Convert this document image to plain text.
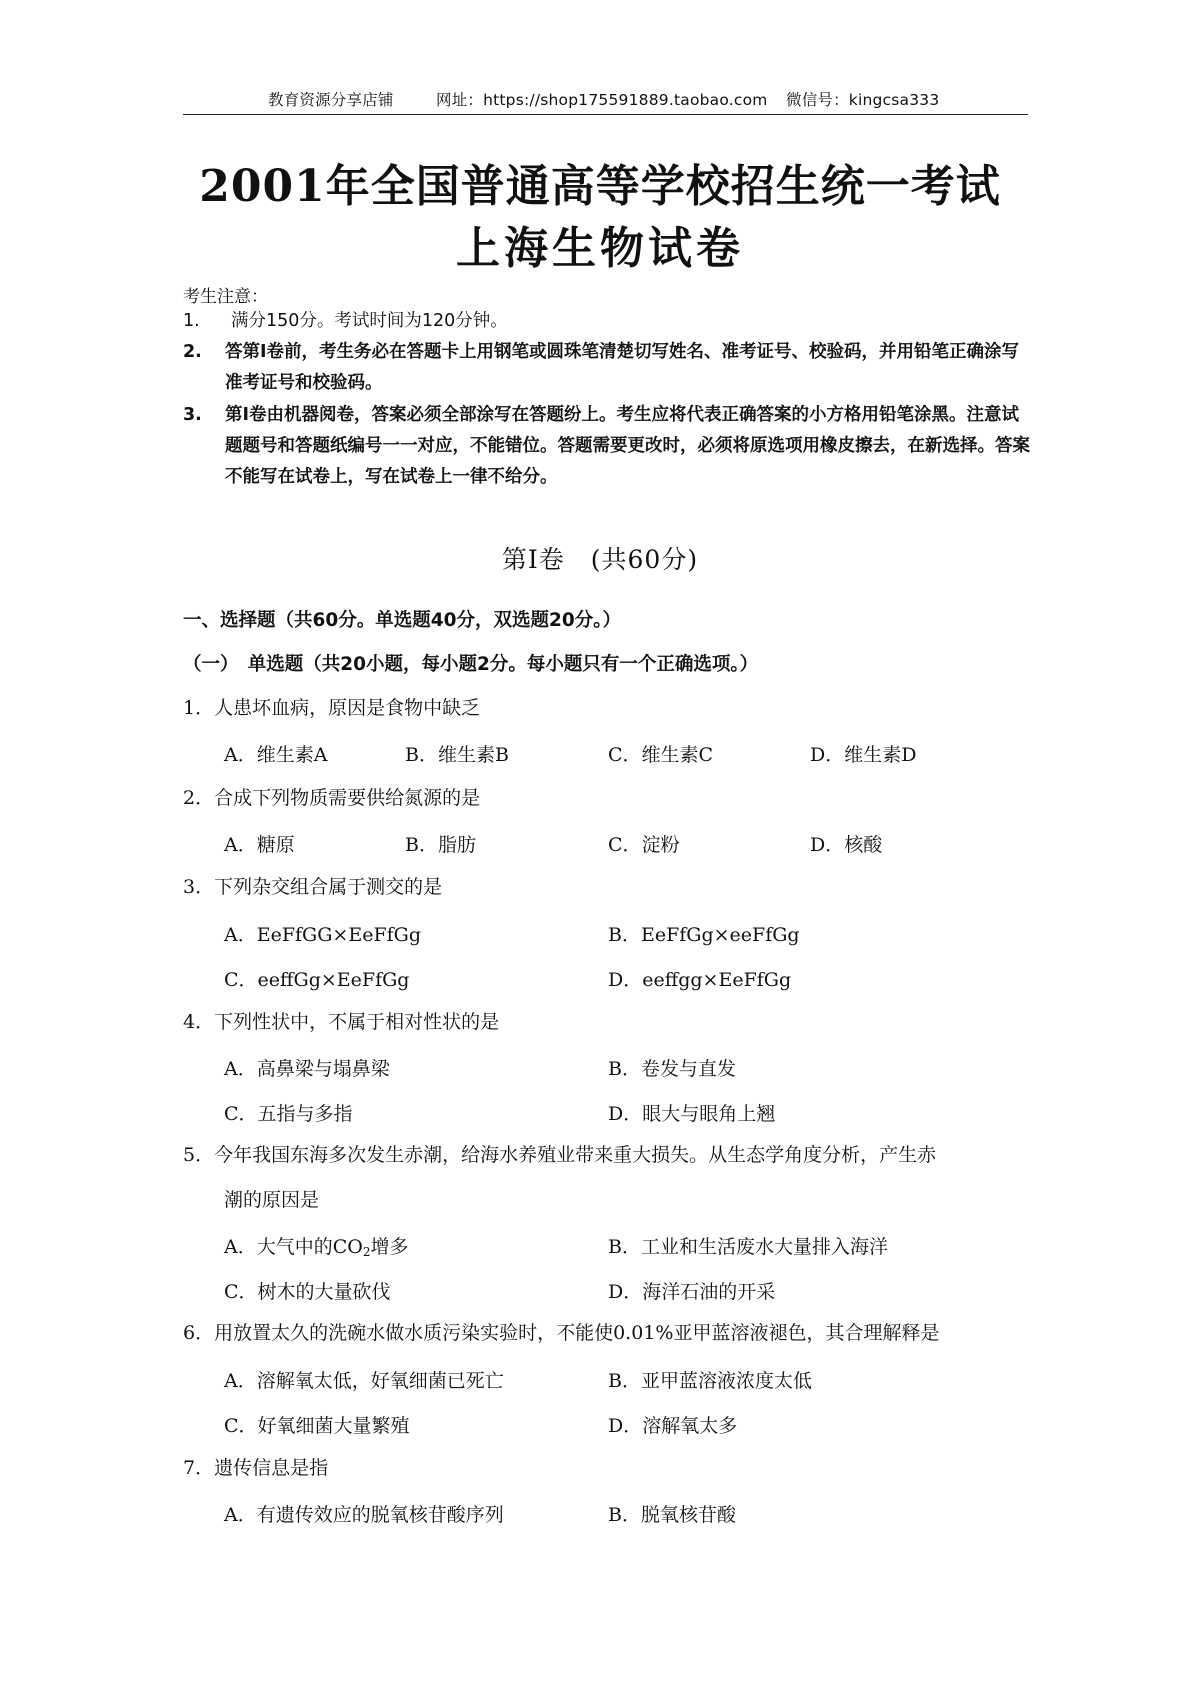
教育资源分享店铺	网址：https://shop175591889.taobao.com 微信号：kingcsa333
2001年全国普通高等学校招生统一考试
上海生物试卷
考生注意：
1. 满分150分。考试时间为120分钟。
2. 答第Ⅰ卷前，考生务必在答题卡上用钢笔或圆珠笔清楚切写姓名、准考证号、校验码，并用铅笔正确涂写准考证号和校验码。
3. 第Ⅰ卷由机器阅卷，答案必须全部涂写在答题纷上。考生应将代表正确答案的小方格用铅笔涂黑。注意试题题号和答题纸编号一一对应，不能错位。答题需要更改时，必须将原选项用橡皮擦去，在新选择。答案不能写在试卷上，写在试卷上一律不给分。
第Ⅰ卷　(共60分)
一、选择题（共60分。单选题40分，双选题20分。）
（一）　单选题（共20小题，每小题2分。每小题只有一个正确选项。）
1．人患坏血病，原因是食物中缺乏
A．维生素A	B．维生素B	C．维生素C	D．维生素D
2．合成下列物质需要供给氮源的是
A．糖原	B．脂肪	C．淀粉	D．核酸
3．下列杂交组合属于测交的是
A．EeFfGG×EeFfGg	B．EeFfGg×eeFfGg
C．eeffGg×EeFfGg	D．eeffgg×EeFfGg
4．下列性状中，不属于相对性状的是
A．高鼻梁与塌鼻梁	B．卷发与直发
C．五指与多指	D．眼大与眼角上翘
5．今年我国东海多次发生赤潮，给海水养殖业带来重大损失。从生态学角度分析，产生赤
潮的原因是
A．大气中的$CO_2$增多	B．工业和生活废水大量排入海洋
C．树木的大量砍伐	D．海洋石油的开采
6．用放置太久的洗碗水做水质污染实验时，不能使0.01%亚甲蓝溶液褪色，其合理解释是
A．溶解氧太低，好氧细菌已死亡	B．亚甲蓝溶液浓度太低
C．好氧细菌大量繁殖	D．溶解氧太多
7．遗传信息是指
A．有遗传效应的脱氧核苷酸序列	B．脱氧核苷酸
